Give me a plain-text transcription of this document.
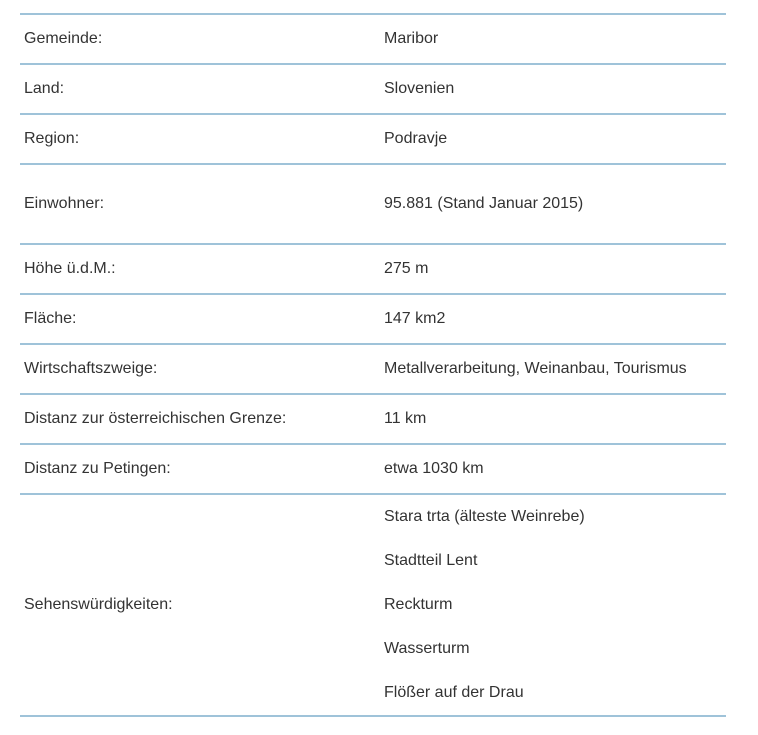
Gemeinde:	Maribor
Land:	Slovenien
Region:	Podravje
Einwohner:	95.881 (Stand Januar 2015)
Höhe ü.d.M.:	275 m
Fläche:	147 km2
Wirtschaftszweige:	Metallverarbeitung, Weinanbau, Tourismus
Distanz zur österreichischen Grenze:	11 km
Distanz zu Petingen:	etwa 1030 km
Sehenswürdigkeiten:	Stara trta (älteste Weinrebe)
Stadtteil Lent
Reckturm
Wasserturm
Flößer auf der Drau
